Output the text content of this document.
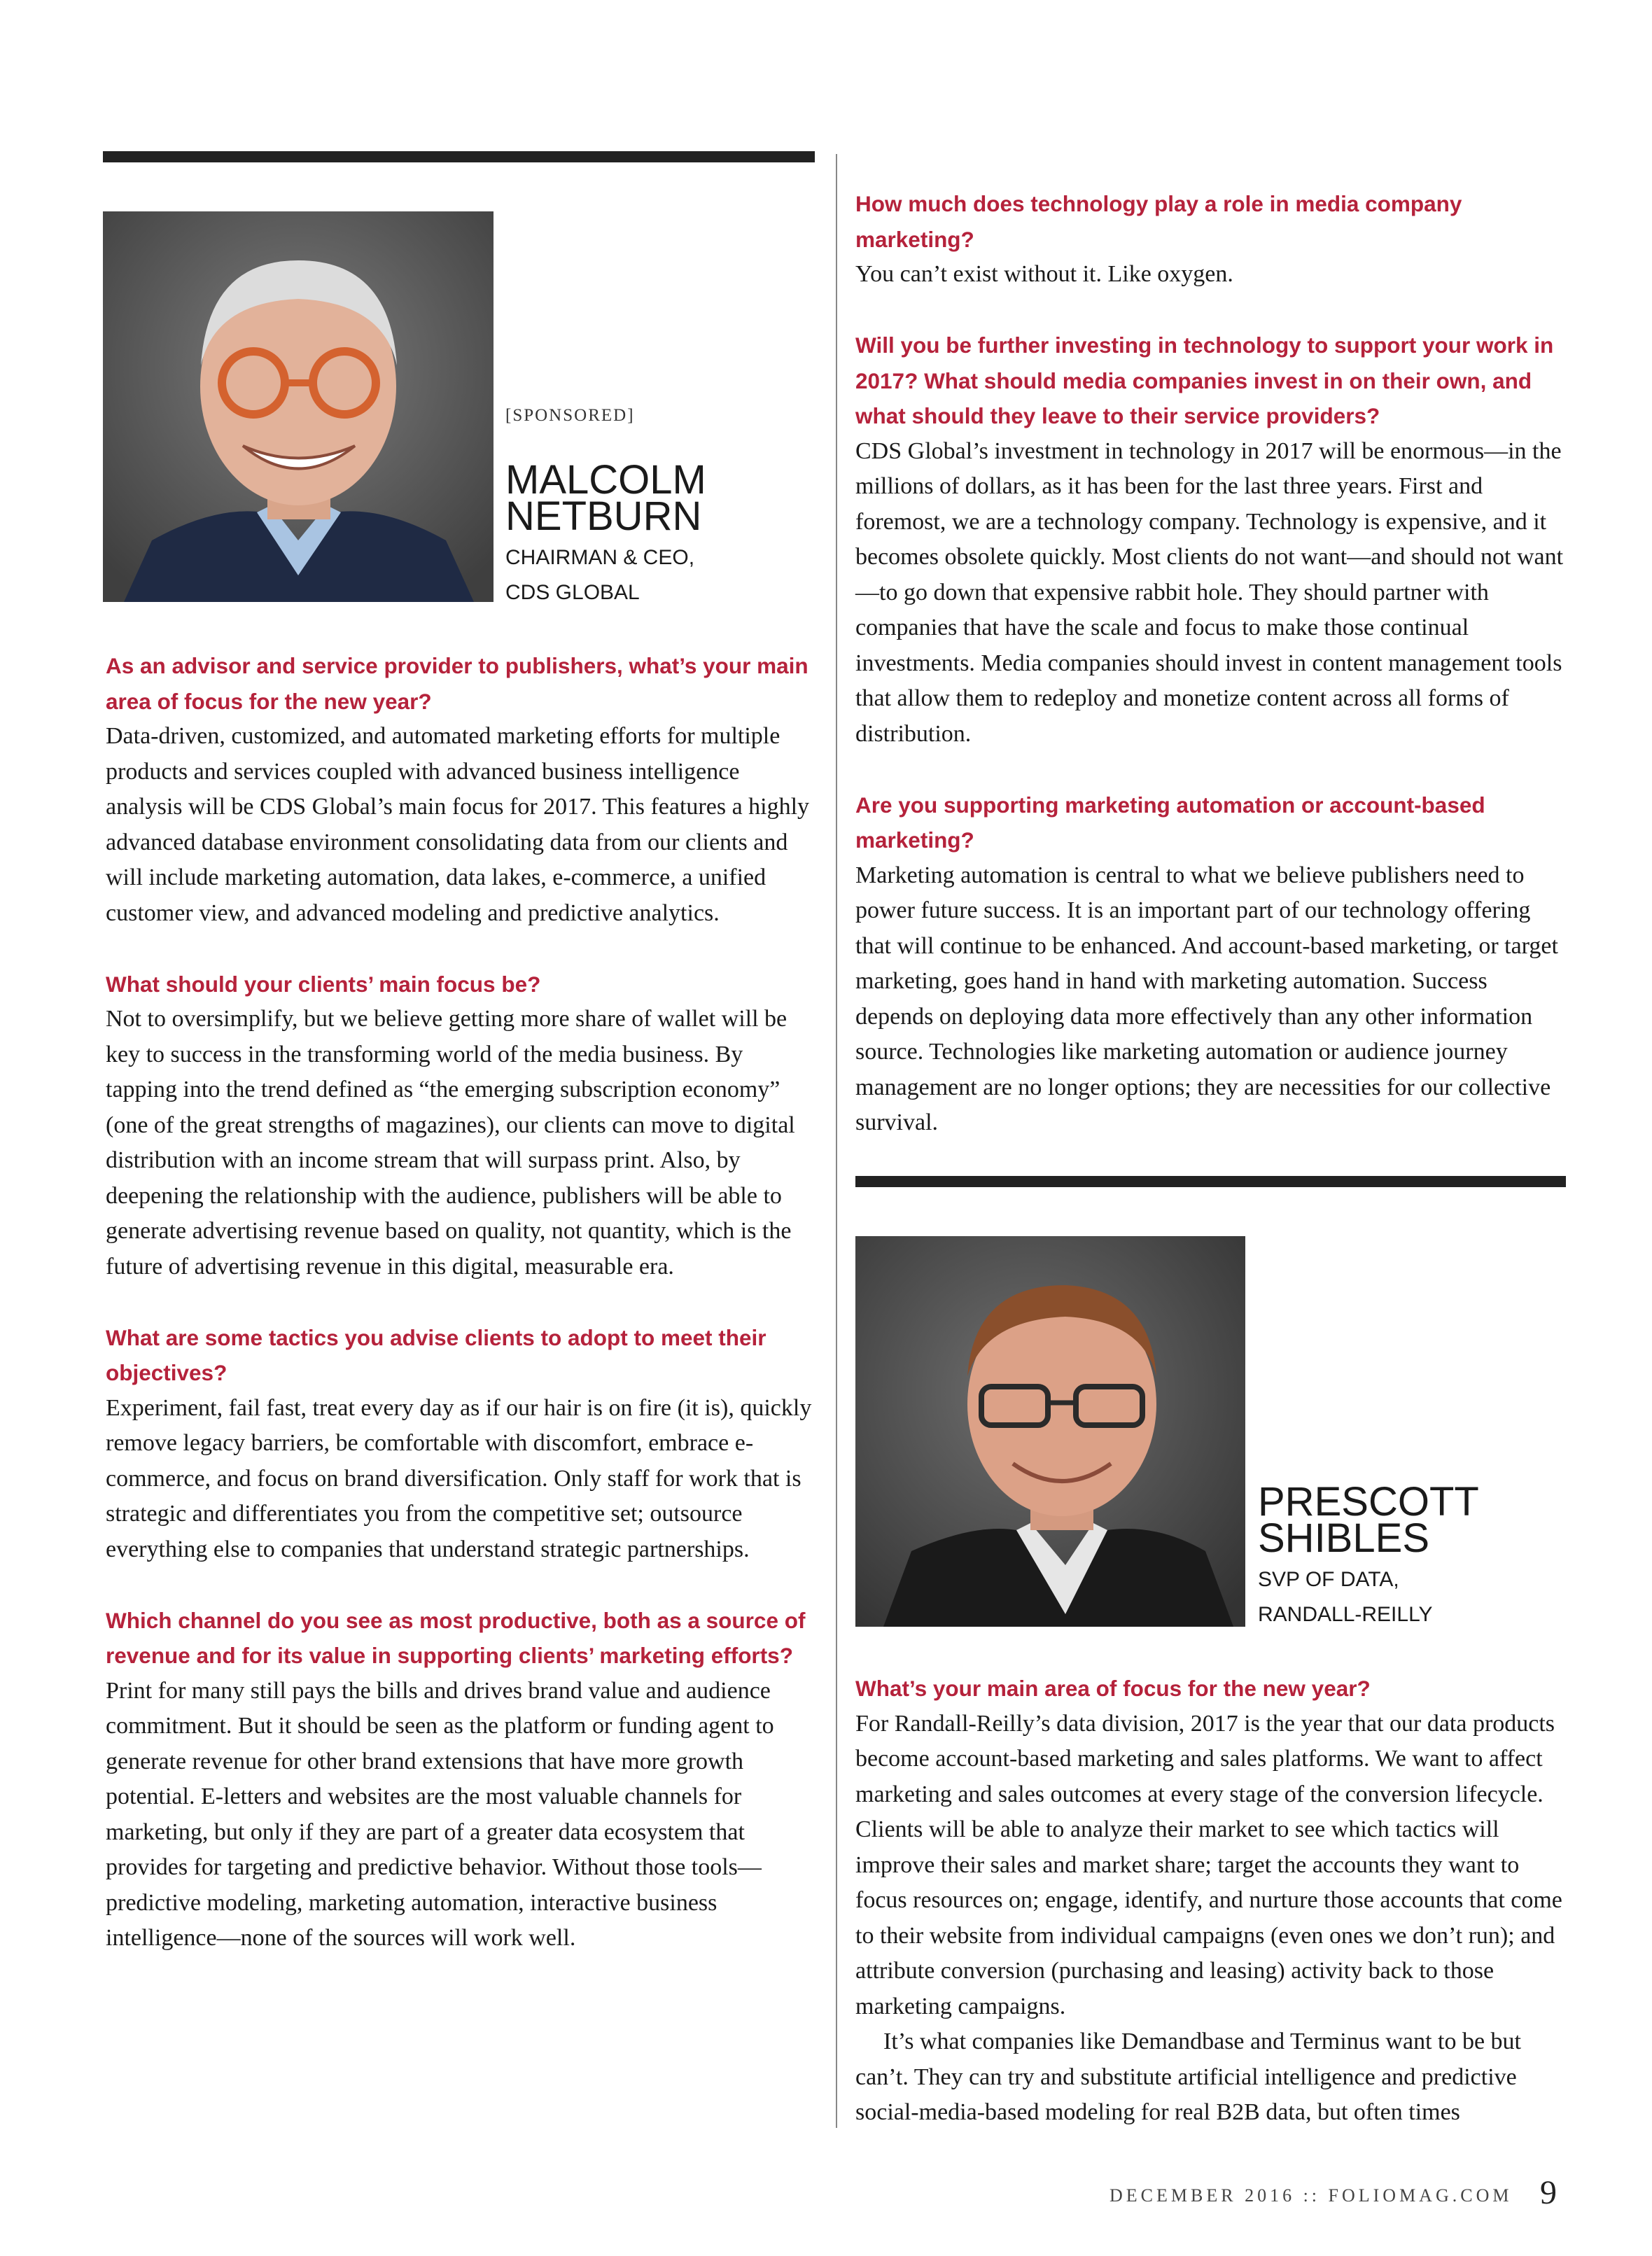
[SPONSORED]
MALCOLM
NETBURN
CHAIRMAN & CEO,
CDS GLOBAL

As an advisor and service provider to publishers, what’s your main area of focus for the new year?

Data-driven, customized, and automated marketing efforts for multiple products and services coupled with advanced business intelligence analysis will be CDS Global’s main focus for 2017. This features a highly advanced database environment consolidating data from our clients and will include marketing automation, data lakes, e-commerce, a unified customer view, and advanced modeling and predictive analytics.

What should your clients’ main focus be?

Not to oversimplify, but we believe getting more share of wallet will be key to success in the transforming world of the media business. By tapping into the trend defined as “the emerging subscription economy” (one of the great strengths of magazines), our clients can move to digital distribution with an income stream that will surpass print. Also, by deepening the relationship with the audience, publishers will be able to generate advertising revenue based on quality, not quantity, which is the future of advertising revenue in this digital, measurable era.

What are some tactics you advise clients to adopt to meet their objectives?

Experiment, fail fast, treat every day as if our hair is on fire (it is), quickly remove legacy barriers, be comfortable with discomfort, embrace e-commerce, and focus on brand diversification. Only staff for work that is strategic and differentiates you from the competitive set; outsource everything else to companies that understand strategic partnerships.

Which channel do you see as most productive, both as a source of revenue and for its value in supporting clients’ marketing efforts?

Print for many still pays the bills and drives brand value and audience commitment. But it should be seen as the platform or funding agent to generate revenue for other brand extensions that have more growth potential. E-letters and websites are the most valuable channels for marketing, but only if they are part of a greater data ecosystem that provides for targeting and predictive behavior. Without those tools—predictive modeling, marketing automation, interactive business intelligence—none of the sources will work well.

How much does technology play a role in media company marketing?

You can’t exist without it. Like oxygen.

Will you be further investing in technology to support your work in 2017? What should media companies invest in on their own, and what should they leave to their service providers?

CDS Global’s investment in technology in 2017 will be enormous—in the millions of dollars, as it has been for the last three years. First and foremost, we are a technology company. Technology is expensive, and it becomes obsolete quickly. Most clients do not want—and should not want—to go down that expensive rabbit hole. They should partner with companies that have the scale and focus to make those continual investments. Media companies should invest in content management tools that allow them to redeploy and monetize content across all forms of distribution.

Are you supporting marketing automation or account-based marketing?

Marketing automation is central to what we believe publishers need to power future success. It is an important part of our technology offering that will continue to be enhanced. And account-based marketing, or target marketing, goes hand in hand with marketing automation. Success depends on deploying data more effectively than any other information source. Technologies like marketing automation or audience journey management are no longer options; they are necessities for our collective survival.

PRESCOTT
SHIBLES
SVP OF DATA,
RANDALL-REILLY

What’s your main area of focus for the new year?

For Randall-Reilly’s data division, 2017 is the year that our data products become account-based marketing and sales platforms. We want to affect marketing and sales outcomes at every stage of the conversion lifecycle. Clients will be able to analyze their market to see which tactics will improve their sales and market share; target the accounts they want to focus resources on; engage, identify, and nurture those accounts that come to their website from individual campaigns (even ones we don’t run); and attribute conversion (purchasing and leasing) activity back to those marketing campaigns.

It’s what companies like Demandbase and Terminus want to be but can’t. They can try and substitute artificial intelligence and predictive social-media-based modeling for real B2B data, but often times

DECEMBER 2016 :: FOLIOMAG.COM 9
